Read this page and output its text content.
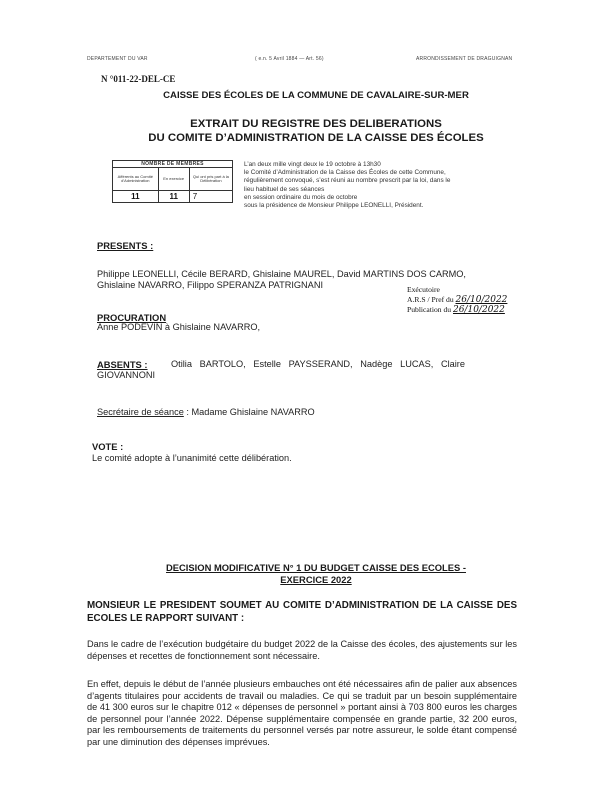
DEPARTEMENT DU VAR	( e.n. 5 Avril 1884 — Art. 56)	ARRONDISSEMENT DE DRAGUIGNAN
N °011-22-DEL-CE
CAISSE DES ÉCOLES DE LA COMMUNE DE CAVALAIRE-SUR-MER
EXTRAIT DU REGISTRE DES DELIBERATIONS
DU COMITE D’ADMINISTRATION DE LA CAISSE DES ÉCOLES
NOMBRE DE MEMBRES		
Afférents au Comité d’Administration	En exercice	Qui ont pris part à la Délibération
11	11	7
L’an deux mille vingt deux le 19 octobre à 13h30
le Comité d’Administration de la Caisse des Écoles de cette Commune,
régulièrement convoqué, s’est réuni au nombre prescrit par la loi, dans le
lieu habituel de ses séances
en session ordinaire du mois de octobre
sous la présidence de Monsieur Philippe LEONELLI, Président.
PRESENTS :
Philippe LEONELLI, Cécile BERARD, Ghislaine MAUREL, David MARTINS DOS CARMO,
Ghislaine NAVARRO, Filippo SPERANZA PATRIGNANI	Exécutoire
A.R.S / Pref du 26/10/2022
Publication du 26/10/2022
PROCURATION
Anne PODEVIN à Ghislaine NAVARRO,
ABSENTS :	Otilia   BARTOLO,   Estelle   PAYSSERAND,   Nadège   LUCAS,   Claire
GIOVANNONI
Secrétaire de séance : Madame Ghislaine NAVARRO
VOTE :
Le comité adopte à l’unanimité cette délibération.
DECISION MODIFICATIVE N° 1 DU BUDGET CAISSE DES ECOLES -
EXERCICE 2022
MONSIEUR LE PRESIDENT SOUMET AU COMITE D’ADMINISTRATION DE LA CAISSE DES ECOLES LE RAPPORT SUIVANT :
Dans le cadre de l’exécution budgétaire du budget 2022 de la Caisse des écoles, des ajustements sur les dépenses et recettes de fonctionnement sont nécessaire.
En effet, depuis le début de l’année plusieurs embauches ont été nécessaires afin de palier aux absences d’agents titulaires pour accidents de travail ou maladies. Ce qui se traduit par un besoin supplémentaire de 41 300 euros sur le chapitre 012 « dépenses de personnel » portant ainsi à 703 800 euros les charges de personnel pour l’année 2022. Dépense supplémentaire compensée en grande partie, 32 200 euros, par les remboursements de traitements du personnel versés par notre assureur, le solde étant compensé par une diminution des dépenses imprévues.
